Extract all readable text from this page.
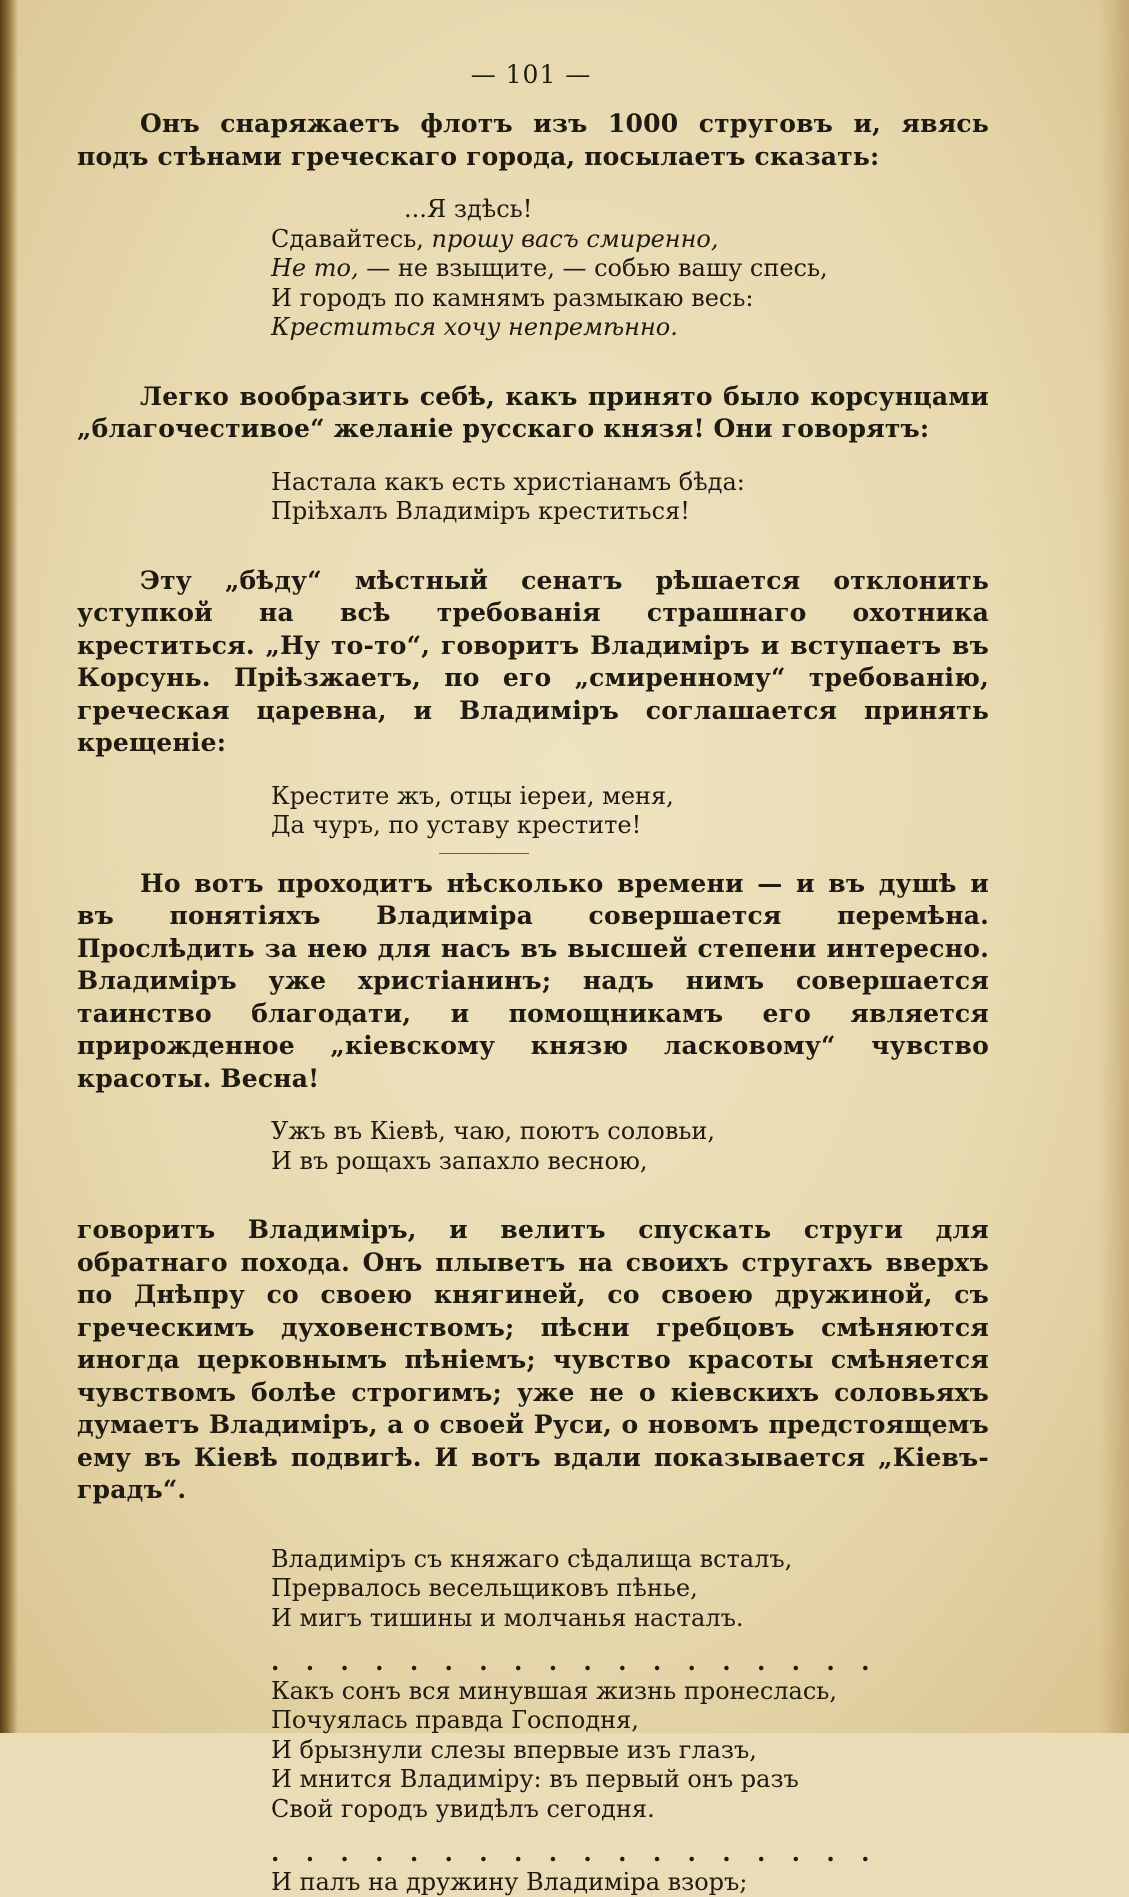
— 101 —

Онъ снаряжаетъ флотъ изъ 1000 струговъ и, явясь подъ стѣнами греческаго города, посылаетъ сказать:

...Я здѣсь!
Сдавайтесь, прошу васъ смиренно,
Не то, — не взыщите, — собью вашу спесь,
И городъ по камнямъ размыкаю весь:
Креститься хочу непремѣнно.

Легко вообразить себѣ, какъ принято было корсунцами „благочестивое“ желаніе русскаго князя! Они говорятъ:

Настала какъ есть христіанамъ бѣда:
Пріѣхалъ Владиміръ креститься!

Эту „бѣду“ мѣстный сенатъ рѣшается отклонить уступкой на всѣ требованія страшнаго охотника креститься. „Ну то-то“, говоритъ Владиміръ и вступаетъ въ Корсунь. Пріѣзжаетъ, по его „смиренному“ требованію, греческая царевна, и Владиміръ соглашается принять крещеніе:

Крестите жъ, отцы іереи, меня,
Да чуръ, по уставу крестите!

Но вотъ проходитъ нѣсколько времени — и въ душѣ и въ понятіяхъ Владиміра совершается перемѣна. Прослѣдить за нею для насъ въ высшей степени интересно. Владиміръ уже христіанинъ; надъ нимъ совершается таинство благодати, и помощникамъ его является прирожденное „кіевскому князю ласковому“ чувство красоты. Весна!

Ужъ въ Кіевѣ, чаю, поютъ соловьи,
И въ рощахъ запахло весною,

говоритъ Владиміръ, и велитъ спускать струги для обратнаго похода. Онъ плыветъ на своихъ стругахъ вверхъ по Днѣпру со своею княгиней, со своею дружиной, съ греческимъ духовенствомъ; пѣсни гребцовъ смѣняются иногда церковнымъ пѣніемъ; чувство красоты смѣняется чувствомъ болѣе строгимъ; уже не о кіевскихъ соловьяхъ думаетъ Владиміръ, а о своей Руси, о новомъ предстоящемъ ему въ Кіевѣ подвигѣ. И вотъ вдали показывается „Кіевъ-градъ“.

Владиміръ съ княжаго сѣдалища всталъ,
Прервалось весельщиковъ пѣнье,
И мигъ тишины и молчанья насталъ.
. . . . . . . . . . . . . . . . . .
Какъ сонъ вся минувшая жизнь пронеслась,
Почуялась правда Господня,
И брызнули слезы впервые изъ глазъ,
И мнится Владиміру: въ первый онъ разъ
Свой городъ увидѣлъ сегодня.
. . . . . . . . . . . . . . . . . .
И палъ на дружину Владиміра взоръ;
